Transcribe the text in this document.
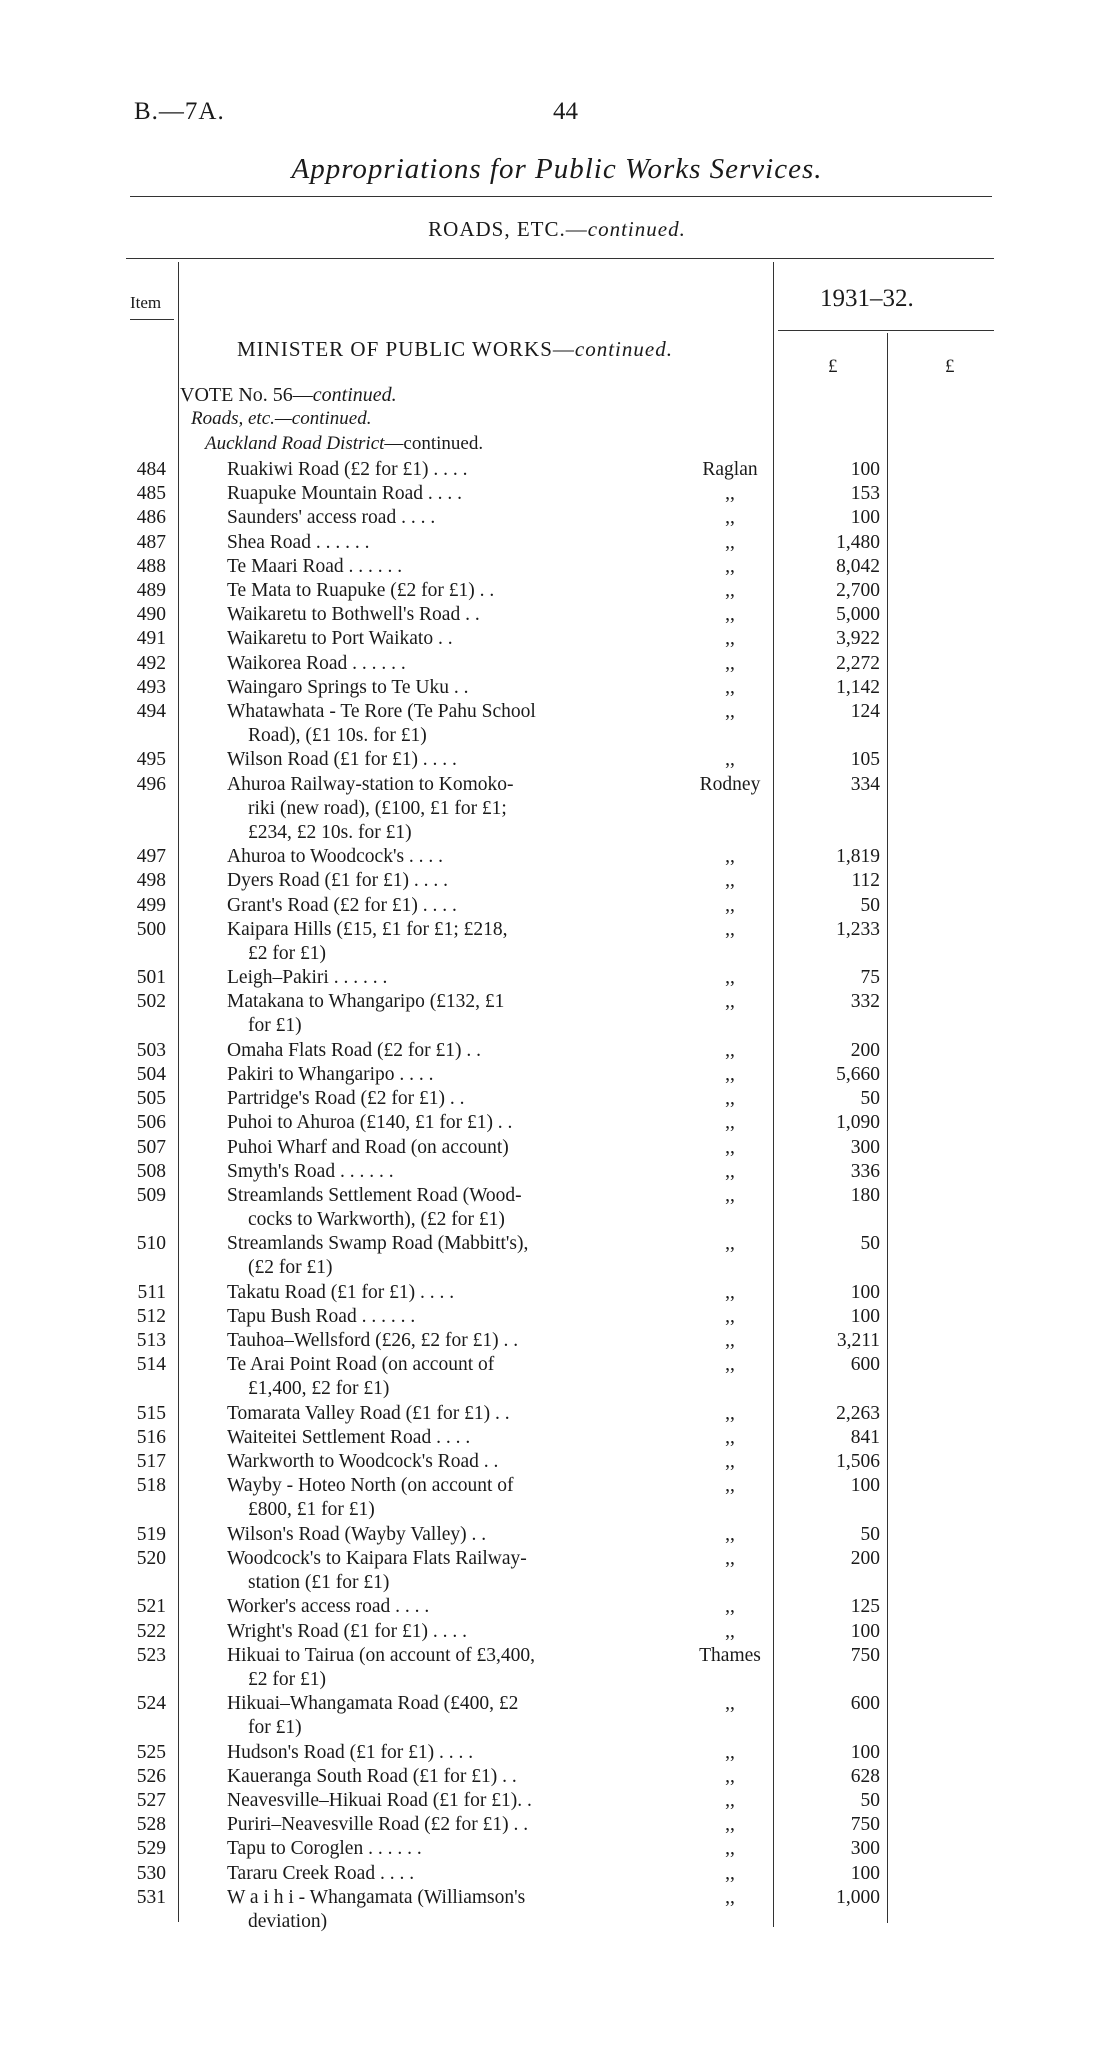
B.—7A.	44
Appropriations for Public Works Services.
ROADS, ETC.—continued.
Item	1931–32.
£	£
MINISTER OF PUBLIC WORKS—continued.
VOTE No. 56—continued.
Roads, etc.—continued.
Auckland Road District—continued.
484	Ruakiwi Road (£2 for £1) . . . .	Raglan	100
485	Ruapuke Mountain Road . . . .	,,	153
486	Saunders' access road . . . .	,,	100
487	Shea Road . . . . . .	,,	1,480
488	Te Maari Road . . . . . .	,,	8,042
489	Te Mata to Ruapuke (£2 for £1) . .	,,	2,700
490	Waikaretu to Bothwell's Road . .	,,	5,000
491	Waikaretu to Port Waikato . .	,,	3,922
492	Waikorea Road . . . . . .	,,	2,272
493	Waingaro Springs to Te Uku . .	,,	1,142
494	Whatawhata - Te Rore (Te Pahu School
Road), (£1 10s. for £1)
,,	124
495	Wilson Road (£1 for £1) . . . .	,,	105
496	Ahuroa Railway-station to Komoko-
riki (new road), (£100, £1 for £1;
£234, £2 10s. for £1)
Rodney	334
497	Ahuroa to Woodcock's . . . .	,,	1,819
498	Dyers Road (£1 for £1) . . . .	,,	112
499	Grant's Road (£2 for £1) . . . .	,,	50
500	Kaipara Hills (£15, £1 for £1; £218,
£2 for £1)
,,	1,233
501	Leigh–Pakiri . . . . . .	,,	75
502	Matakana to Whangaripo (£132, £1
for £1)
,,	332
503	Omaha Flats Road (£2 for £1) . .	,,	200
504	Pakiri to Whangaripo . . . .	,,	5,660
505	Partridge's Road (£2 for £1) . .	,,	50
506	Puhoi to Ahuroa (£140, £1 for £1) . .	,,	1,090
507	Puhoi Wharf and Road (on account)	,,	300
508	Smyth's Road . . . . . .	,,	336
509	Streamlands Settlement Road (Wood-
cocks to Warkworth), (£2 for £1)
,,	180
510	Streamlands Swamp Road (Mabbitt's),
(£2 for £1)
,,	50
511	Takatu Road (£1 for £1) . . . .	,,	100
512	Tapu Bush Road . . . . . .	,,	100
513	Tauhoa–Wellsford (£26, £2 for £1) . .	,,	3,211
514	Te Arai Point Road (on account of
£1,400, £2 for £1)
,,	600
515	Tomarata Valley Road (£1 for £1) . .	,,	2,263
516	Waiteitei Settlement Road . . . .	,,	841
517	Warkworth to Woodcock's Road . .	,,	1,506
518	Wayby - Hoteo North (on account of
£800, £1 for £1)
,,	100
519	Wilson's Road (Wayby Valley) . .	,,	50
520	Woodcock's to Kaipara Flats Railway-
station (£1 for £1)
,,	200
521	Worker's access road . . . .	,,	125
522	Wright's Road (£1 for £1) . . . .	,,	100
523	Hikuai to Tairua (on account of £3,400,
£2 for £1)
Thames	750
524	Hikuai–Whangamata Road (£400, £2
for £1)
,,	600
525	Hudson's Road (£1 for £1) . . . .	,,	100
526	Kaueranga South Road (£1 for £1) . .	,,	628
527	Neavesville–Hikuai Road (£1 for £1). .	,,	50
528	Puriri–Neavesville Road (£2 for £1) . .	,,	750
529	Tapu to Coroglen . . . . . .	,,	300
530	Tararu Creek Road . . . .	,,	100
531	W a i h i - Whangamata (Williamson's
deviation)
,,	1,000
